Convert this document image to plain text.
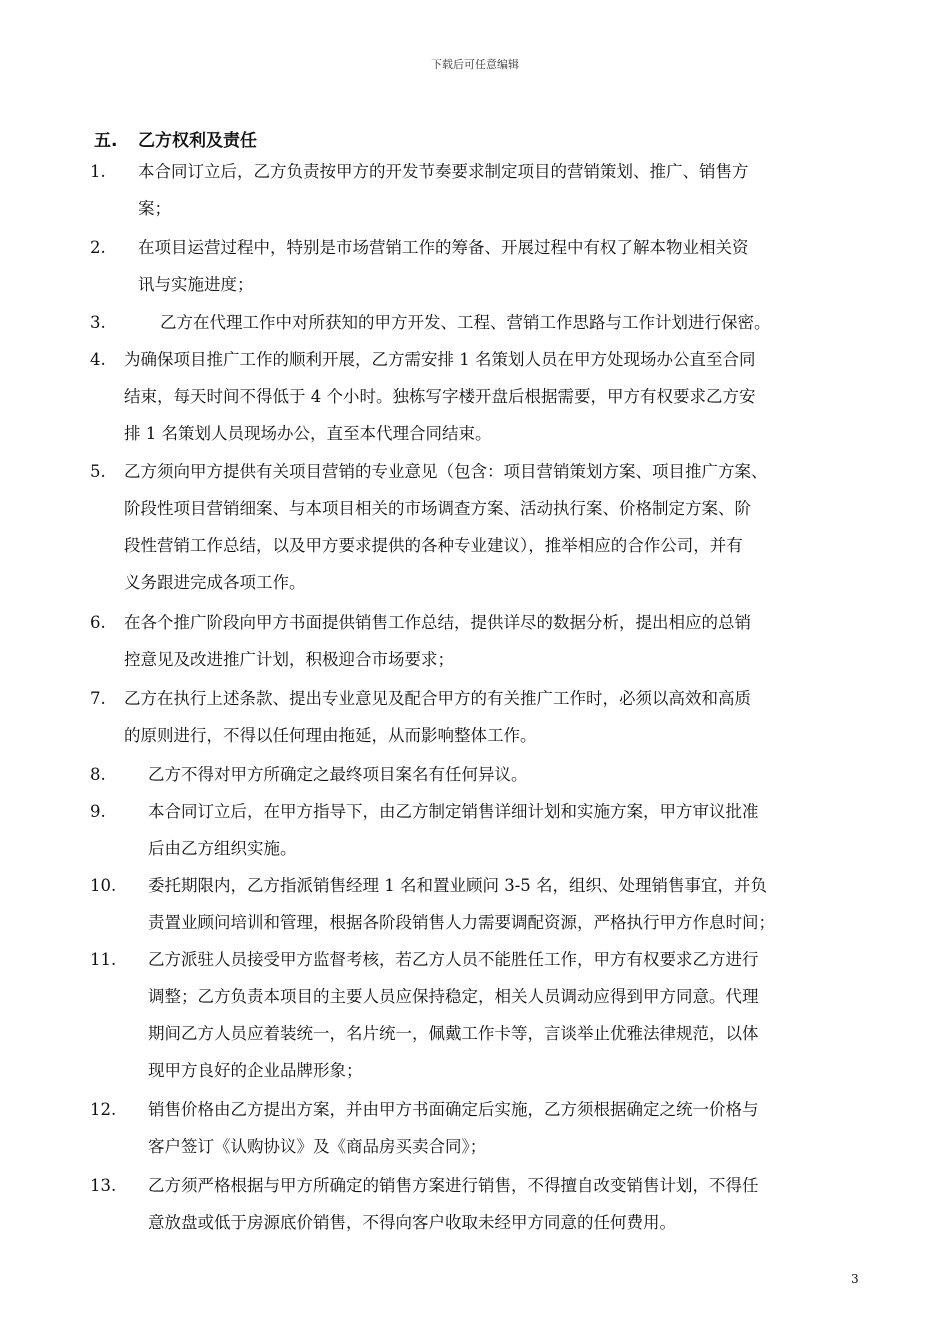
下载后可任意编辑
五. 乙方权利及责任
1.	本合同订立后，乙方负责按甲方的开发节奏要求制定项目的营销策划、推广、销售方
案；
2.	在项目运营过程中，特别是市场营销工作的筹备、开展过程中有权了解本物业相关资
讯与实施进度；
3.	乙方在代理工作中对所获知的甲方开发、工程、营销工作思路与工作计划进行保密。
4.	为确保项目推广工作的顺利开展，乙方需安排 1 名策划人员在甲方处现场办公直至合同
结束，每天时间不得低于 4 个小时。独栋写字楼开盘后根据需要，甲方有权要求乙方安
排 1 名策划人员现场办公，直至本代理合同结束。
5.	乙方须向甲方提供有关项目营销的专业意见（包含：项目营销策划方案、项目推广方案、
阶段性项目营销细案、与本项目相关的市场调查方案、活动执行案、价格制定方案、阶
段性营销工作总结，以及甲方要求提供的各种专业建议），推举相应的合作公司，并有
义务跟进完成各项工作。
6.	在各个推广阶段向甲方书面提供销售工作总结，提供详尽的数据分析，提出相应的总销
控意见及改进推广计划，积极迎合市场要求；
7.	乙方在执行上述条款、提出专业意见及配合甲方的有关推广工作时，必须以高效和高质
的原则进行，不得以任何理由拖延，从而影响整体工作。
8.	乙方不得对甲方所确定之最终项目案名有任何异议。
9.	本合同订立后，在甲方指导下，由乙方制定销售详细计划和实施方案，甲方审议批准
后由乙方组织实施。
10.	委托期限内，乙方指派销售经理 1 名和置业顾问 3-5 名，组织、处理销售事宜，并负
责置业顾问培训和管理，根据各阶段销售人力需要调配资源，严格执行甲方作息时间；
11.	乙方派驻人员接受甲方监督考核，若乙方人员不能胜任工作，甲方有权要求乙方进行
调整；乙方负责本项目的主要人员应保持稳定，相关人员调动应得到甲方同意。代理
期间乙方人员应着装统一，名片统一，佩戴工作卡等，言谈举止优雅法律规范，以体
现甲方良好的企业品牌形象；
12.	销售价格由乙方提出方案，并由甲方书面确定后实施，乙方须根据确定之统一价格与
客户签订《认购协议》及《商品房买卖合同》；
13.	乙方须严格根据与甲方所确定的销售方案进行销售，不得擅自改变销售计划，不得任
意放盘或低于房源底价销售，不得向客户收取未经甲方同意的任何费用。
3
